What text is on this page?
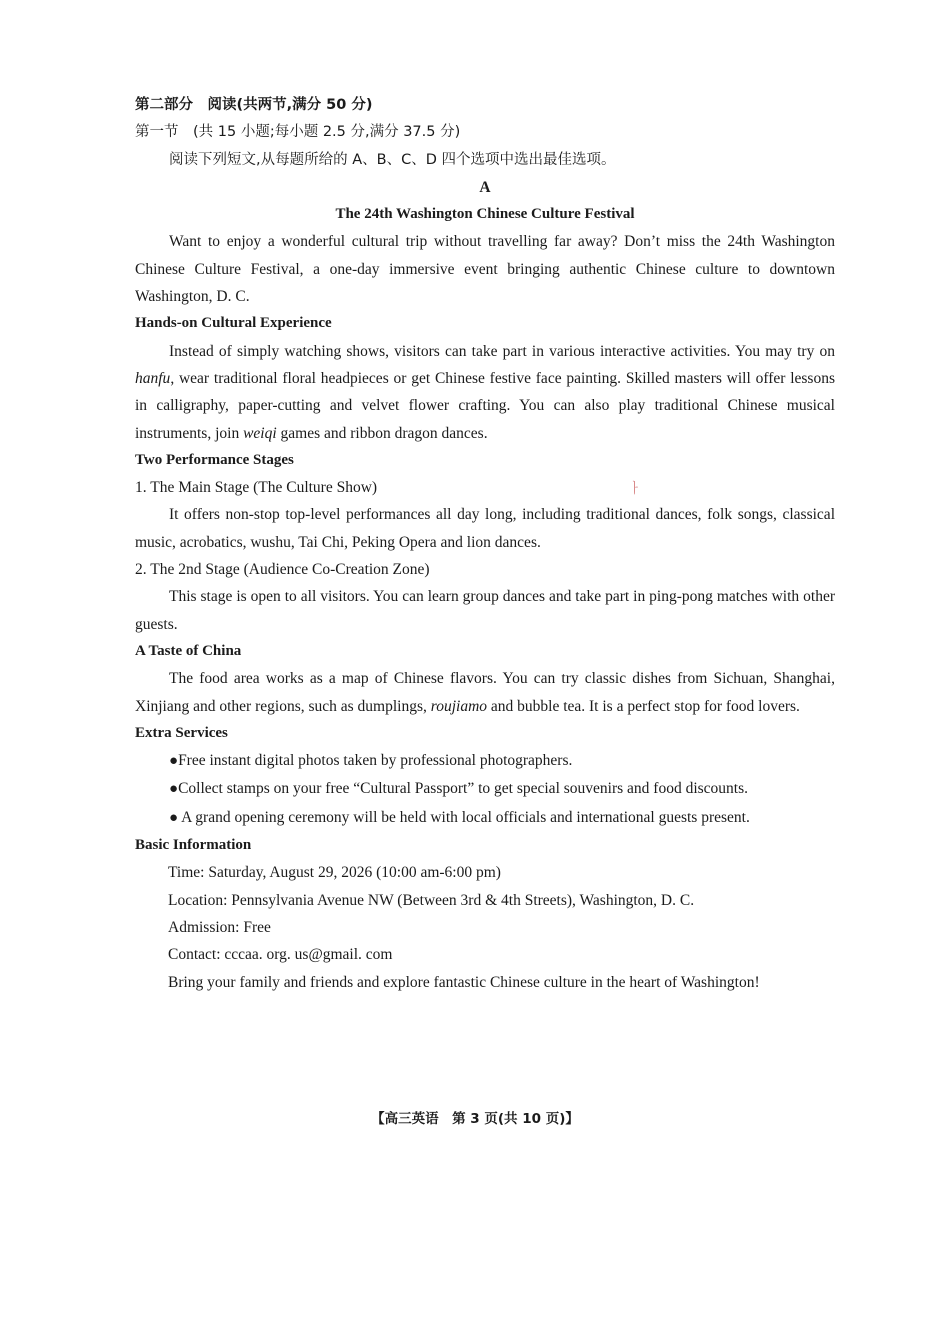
第二部分　阅读(共两节,满分 50 分)
第一节　(共 15 小题;每小题 2.5 分,满分 37.5 分)
阅读下列短文,从每题所给的 A、B、C、D 四个选项中选出最佳选项。
A
The 24th Washington Chinese Culture Festival
Want to enjoy a wonderful cultural trip without travelling far away? Don’t miss the 24th Washington Chinese Culture Festival, a one-day immersive event bringing authentic Chinese culture to downtown Washington, D. C.
Hands-on Cultural Experience
Instead of simply watching shows, visitors can take part in various interactive activities. You may try on hanfu, wear traditional floral headpieces or get Chinese festive face painting. Skilled masters will offer lessons in calligraphy, paper-cutting and velvet flower crafting. You can also play traditional Chinese musical instruments, join weiqi games and ribbon dragon dances.
Two Performance Stages
1. The Main Stage (The Culture Show)
It offers non-stop top-level performances all day long, including traditional dances, folk songs, classical music, acrobatics, wushu, Tai Chi, Peking Opera and lion dances.
2. The 2nd Stage (Audience Co-Creation Zone)
This stage is open to all visitors. You can learn group dances and take part in ping-pong matches with other guests.
A Taste of China
The food area works as a map of Chinese flavors. You can try classic dishes from Sichuan, Shanghai, Xinjiang and other regions, such as dumplings, roujiamo and bubble tea. It is a perfect stop for food lovers.
Extra Services
●Free instant digital photos taken by professional photographers.
●Collect stamps on your free “Cultural Passport” to get special souvenirs and food discounts.
● A grand opening ceremony will be held with local officials and international guests present.
Basic Information
Time: Saturday, August 29, 2026 (10:00 am-6:00 pm)
Location: Pennsylvania Avenue NW (Between 3rd & 4th Streets), Washington, D. C.
Admission: Free
Contact: cccaa. org. us@gmail. com
Bring your family and friends and explore fantastic Chinese culture in the heart of Washington!
ㅏ
【高三英语　第 3 页(共 10 页)】
